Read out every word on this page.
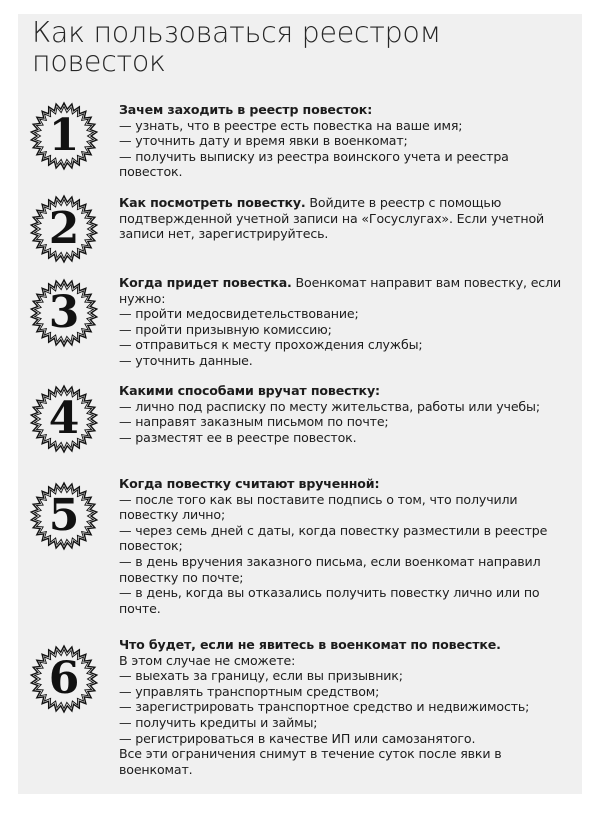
Как пользоваться реестром
повесток
1
Зачем заходить в реестр повесток:
— узнать, что в реестре есть повестка на ваше имя;
— уточнить дату и время явки в военкомат;
— получить выписку из реестра воинского учета и реестра повесток.
2
Как посмотреть повестку. Войдите в реестр с помощью подтвержденной учетной записи на «Госуслугах». Если учетной записи нет, зарегистрируйтесь.
3
Когда придет повестка. Военкомат направит вам повестку, если нужно:
— пройти медосвидетельствование;
— пройти призывную комиссию;
— отправиться к месту прохождения службы;
— уточнить данные.
4
Какими способами вручат повестку:
— лично под расписку по месту жительства, работы или учебы;
— направят заказным письмом по почте;
— разместят ее в реестре повесток.
5
Когда повестку считают врученной:
— после того как вы поставите подпись о том, что получили повестку лично;
— через семь дней с даты, когда повестку разместили в реестре повесток;
— в день вручения заказного письма, если военкомат направил повестку по почте;
— в день, когда вы отказались получить повестку лично или по почте.
6
Что будет, если не явитесь в военкомат по повестке.
В этом случае не сможете:
— выехать за границу, если вы призывник;
— управлять транспортным средством;
— зарегистрировать транспортное средство и недвижимость;
— получить кредиты и займы;
— регистрироваться в качестве ИП или самозанятого.
Все эти ограничения снимут в течение суток после явки в военкомат.
